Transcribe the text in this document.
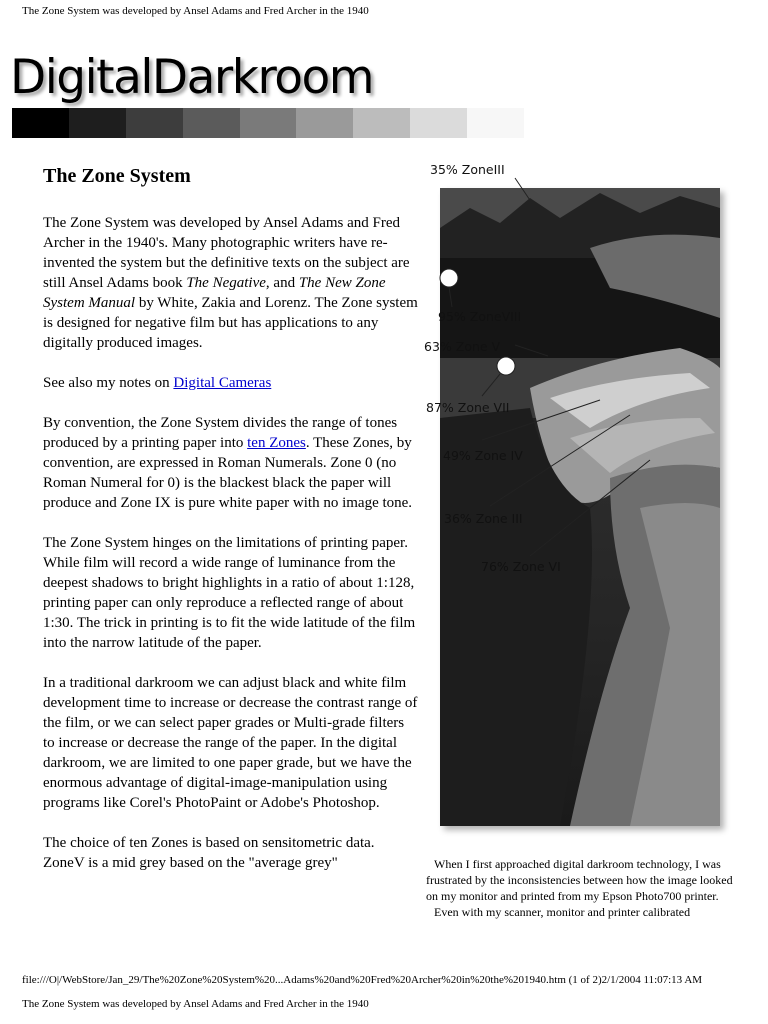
The Zone System was developed by Ansel Adams and Fred Archer in the 1940
DigitalDarkroom
The Zone System

The Zone System was developed by Ansel Adams and Fred Archer in the 1940's. Many photographic writers have re-invented the system but the definitive texts on the subject are still Ansel Adams book The Negative, and The New Zone System Manual by White, Zakia and Lorenz. The Zone system is designed for negative film but has applications to any digitally produced images.

See also my notes on Digital Cameras

By convention, the Zone System divides the range of tones produced by a printing paper into ten Zones. These Zones, by convention, are expressed in Roman Numerals. Zone 0 (no Roman Numeral for 0) is the blackest black the paper will produce and Zone IX is pure white paper with no image tone.

The Zone System hinges on the limitations of printing paper. While film will record a wide range of luminance from the deepest shadows to bright highlights in a ratio of about 1:128, printing paper can only reproduce a reflected range of about 1:30. The trick in printing is to fit the wide latitude of the film into the narrow latitude of the paper.

In a traditional darkroom we can adjust black and white film development time to increase or decrease the contrast range of the film, or we can select paper grades or Multi-grade filters to increase or decrease the range of the paper. In the digital darkroom, we are limited to one paper grade, but we have the enormous advantage of digital-image-manipulation using programs like Corel's PhotoPaint or Adobe's Photoshop.

The choice of ten Zones is based on sensitometric data. ZoneV is a mid grey based on the "average grey"

35% ZoneIII
95% ZoneVIII
63% Zone V
87% Zone VII
49% Zone IV
36% Zone III
76% Zone VI

When I first approached digital darkroom technology, I was frustrated by the inconsistencies between how the image looked on my monitor and printed from my Epson Photo700 printer.

Even with my scanner, monitor and printer calibrated

file:///O|/WebStore/Jan_29/The%20Zone%20System%20...Adams%20and%20Fred%20Archer%20in%20the%201940.htm (1 of 2)2/1/2004 11:07:13 AM
The Zone System was developed by Ansel Adams and Fred Archer in the 1940
